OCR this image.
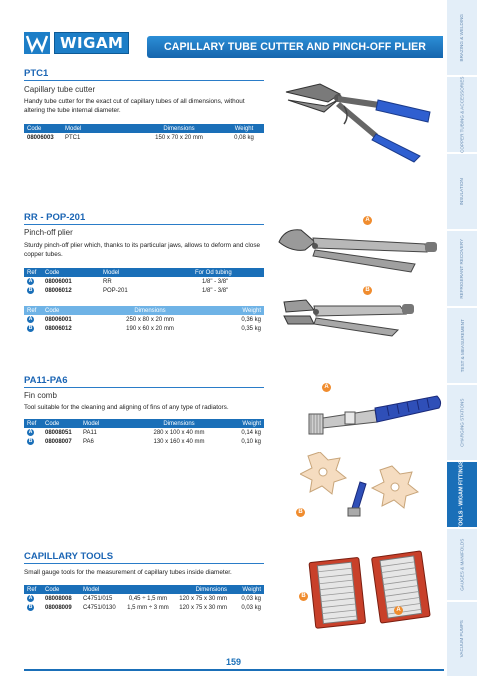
WIGAM	CAPILLARY TUBE CUTTER AND PINCH-OFF PLIER	BRAZING & WELDING
COPPER TUBING & ACCESSORIES
INSULATION
REFRIGERANT RECOVERY
TEST & MEASUREMENT
CHARGING STATIONS
TOOLS - WIGAM FITTINGS
GAUGES & MANIFOLDS
VACUUM PUMPS
PTC1
Capillary tube cutter
Handy tube cutter for the exact cut of capillary tubes of all dimensions, without altering the tube internal diameter.
Code	Model	Dimensions	Weight
08006003	PTC1	150 x 70 x 20 mm	0,08 kg
RR - POP-201
Pinch-off plier
Sturdy pinch-off plier which, thanks to its particular jaws, allows to deform and close copper tubes.
Ref	Code	Model	For Od tubing
A	08006001	RR	1/8" - 3/8"
B	08006012	POP-201	1/8" - 3/8"
Ref	Code	Dimensions	Weight
A	08006001	250 x 80 x 20 mm	0,36 kg
B	08006012	190 x 60 x 20 mm	0,35 kg
A
B
PA11-PA6
Fin comb
Tool suitable for the cleaning and aligning of fins of any type of radiators.
Ref	Code	Model	Dimensions	Weight
A	08008051	PA11	280 x 100 x 40 mm	0,14 kg
B	08008007	PA6	130 x 160 x 40 mm	0,10 kg
A
B
CAPILLARY TOOLS
Small gauge tools for the measurement of capillary tubes inside diameter.
Ref	Code	Model		Dimensions	Weight
A	08008008	C4751/015	0,45 ÷ 1,5 mm	120 x 75 x 30 mm	0,03 kg
B	08008009	C4751/0130	1,5 mm ÷ 3 mm	120 x 75 x 30 mm	0,03 kg
B
A
159
